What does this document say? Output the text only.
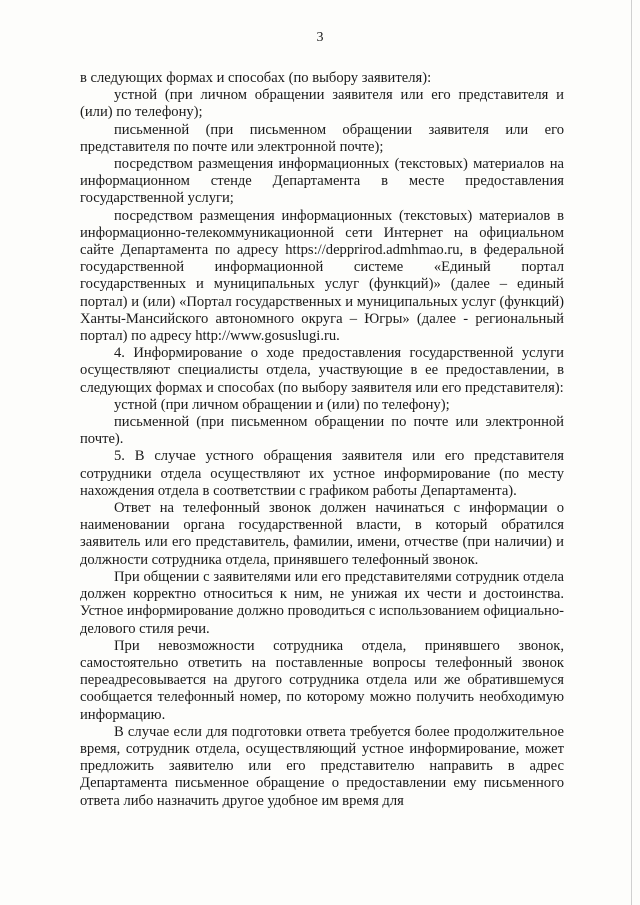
3

в следующих формах и способах (по выбору заявителя):

устной (при личном обращении заявителя или его представителя и (или) по телефону);

письменной (при письменном обращении заявителя или его представителя по почте или электронной почте);

посредством размещения информационных (текстовых) материалов на информационном стенде Департамента в месте предоставления государственной услуги;

посредством размещения информационных (текстовых) материалов в информационно-телекоммуникационной сети Интернет на официальном сайте Департамента по адресу https://depprirod.admhmao.ru, в федеральной государственной информационной системе «Единый портал государственных и муниципальных услуг (функций)» (далее – единый портал) и (или) «Портал государственных и муниципальных услуг (функций) Ханты-Мансийского автономного округа – Югры» (далее - региональный портал) по адресу http://www.gosuslugi.ru.

4. Информирование о ходе предоставления государственной услуги осуществляют специалисты отдела, участвующие в ее предоставлении, в следующих формах и способах (по выбору заявителя или его представителя):

устной (при личном обращении и (или) по телефону);

письменной (при письменном обращении по почте или электронной почте).

5. В случае устного обращения заявителя или его представителя сотрудники отдела осуществляют их устное информирование (по месту нахождения отдела в соответствии с графиком работы Департамента).

Ответ на телефонный звонок должен начинаться с информации о наименовании органа государственной власти, в который обратился заявитель или его представитель, фамилии, имени, отчестве (при наличии) и должности сотрудника отдела, принявшего телефонный звонок.

При общении с заявителями или его представителями сотрудник отдела должен корректно относиться к ним, не унижая их чести и достоинства. Устное информирование должно проводиться с использованием официально-делового стиля речи.

При невозможности сотрудника отдела, принявшего звонок, самостоятельно ответить на поставленные вопросы телефонный звонок переадресовывается на другого сотрудника отдела или же обратившемуся сообщается телефонный номер, по которому можно получить необходимую информацию.

В случае если для подготовки ответа требуется более продолжительное время, сотрудник отдела, осуществляющий устное информирование, может предложить заявителю или его представителю направить в адрес Департамента письменное обращение о предоставлении ему письменного ответа либо назначить другое удобное им время для
